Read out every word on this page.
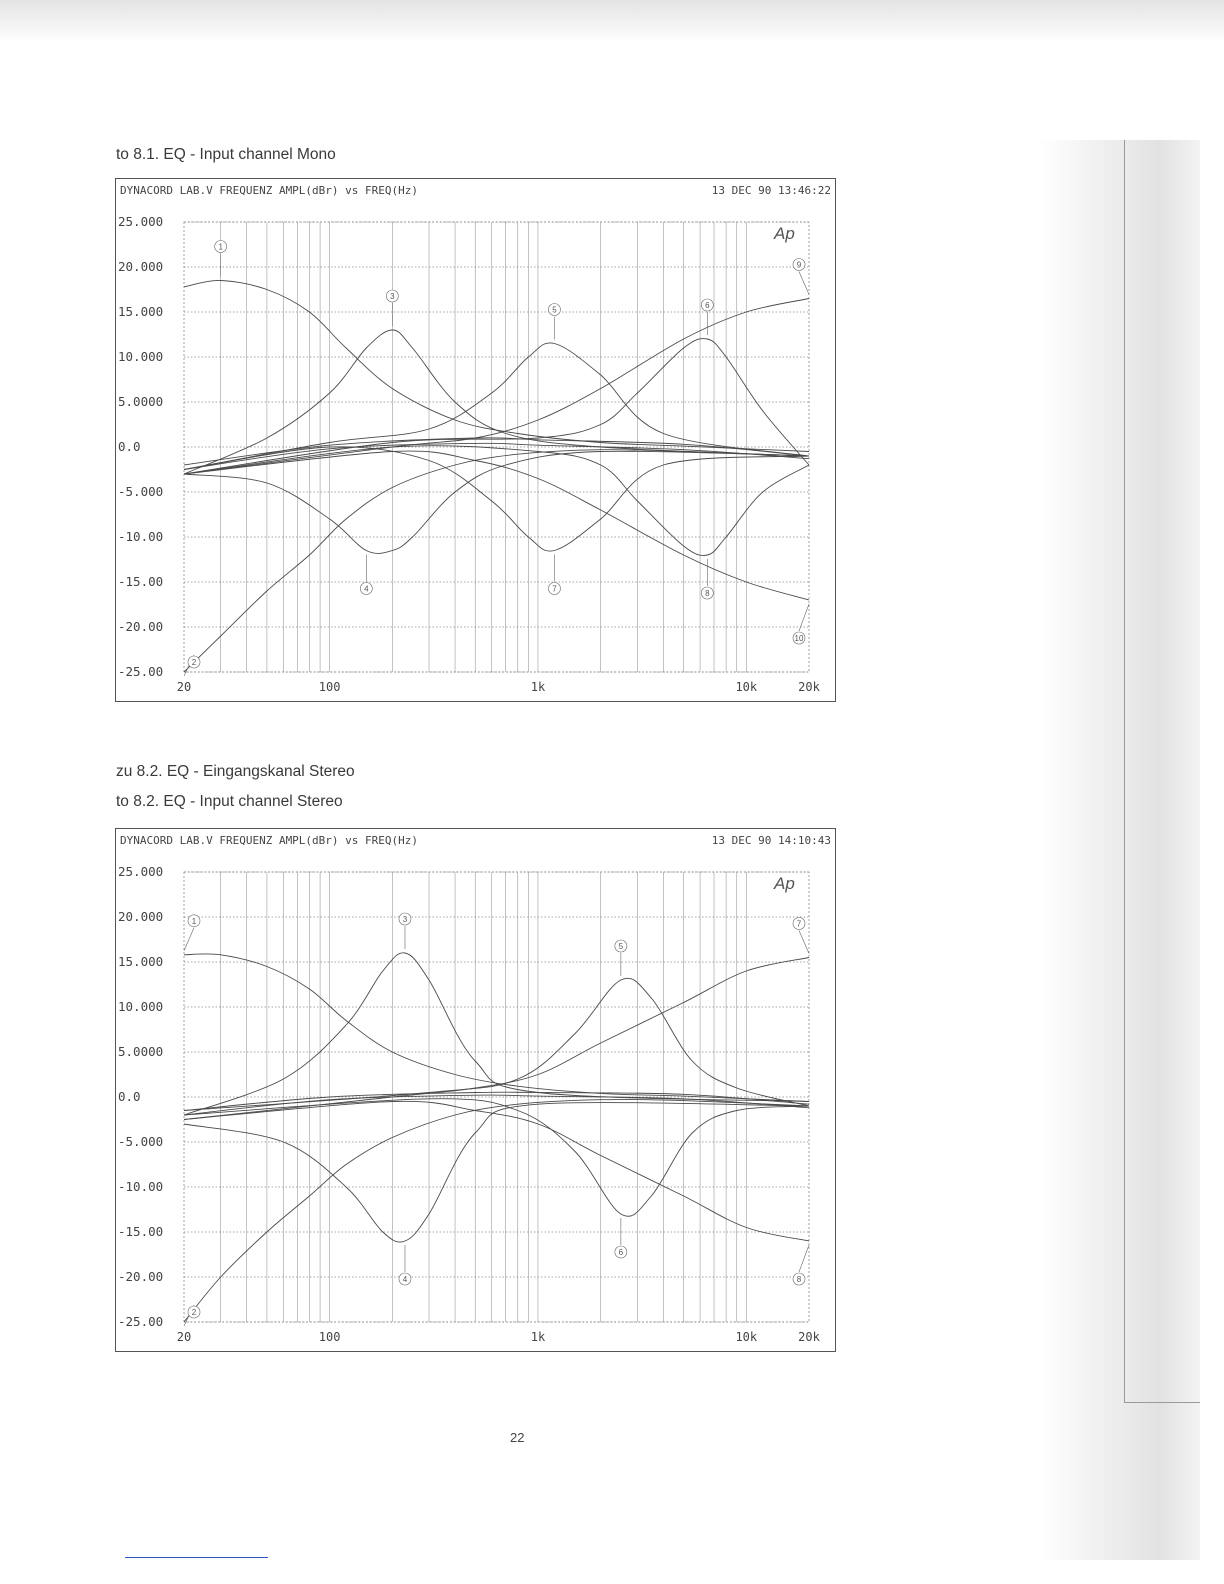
to 8.1. EQ - Input channel Mono
DYNACORD LAB.V FREQUENZ AMPL(dBr) vs FREQ(Hz)	13 DEC 90 13:46:22
25.000
20.000
15.000
10.000
5.0000
0.0
-5.000
-10.00
-15.00
-20.00
-25.00
20	100	1k	10k	20k
1
2
3
4
5
7
6
8
9
10
Ap
zu 8.2. EQ - Eingangskanal Stereo
to 8.2. EQ - Input channel Stereo
DYNACORD LAB.V FREQUENZ AMPL(dBr) vs FREQ(Hz)	13 DEC 90 14:10:43
25.000
20.000
15.000
10.000
5.0000
0.0
-5.000
-10.00
-15.00
-20.00
-25.00
20	100	1k	10k	20k
1
2
3
4
5
6
7
8
Ap
22
